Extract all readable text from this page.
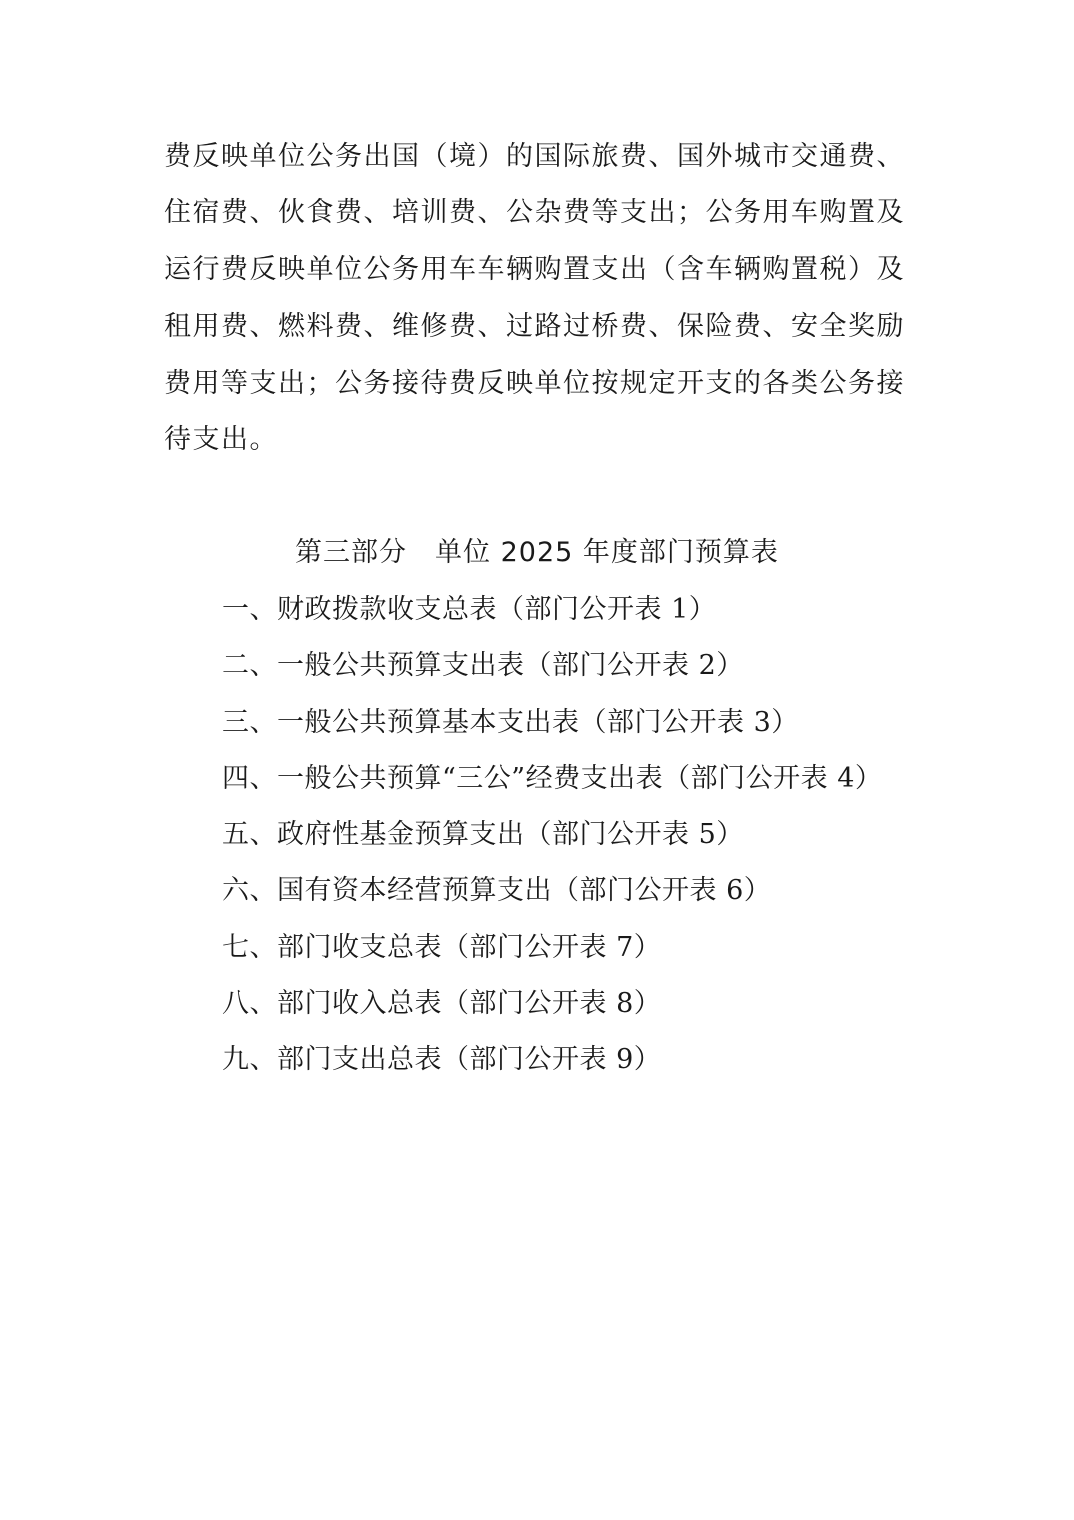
费反映单位公务出国（境）的国际旅费、国外城市交通费、
住宿费、伙食费、培训费、公杂费等支出；公务用车购置及
运行费反映单位公务用车车辆购置支出（含车辆购置税）及
租用费、燃料费、维修费、过路过桥费、保险费、安全奖励
费用等支出；公务接待费反映单位按规定开支的各类公务接
待支出。
第三部分　单位 2025 年度部门预算表
一、财政拨款收支总表（部门公开表 1）
二、一般公共预算支出表（部门公开表 2）
三、一般公共预算基本支出表（部门公开表 3）
四、一般公共预算“三公”经费支出表（部门公开表 4）
五、政府性基金预算支出（部门公开表 5）
六、国有资本经营预算支出（部门公开表 6）
七、部门收支总表（部门公开表 7）
八、部门收入总表（部门公开表 8）
九、部门支出总表（部门公开表 9）
